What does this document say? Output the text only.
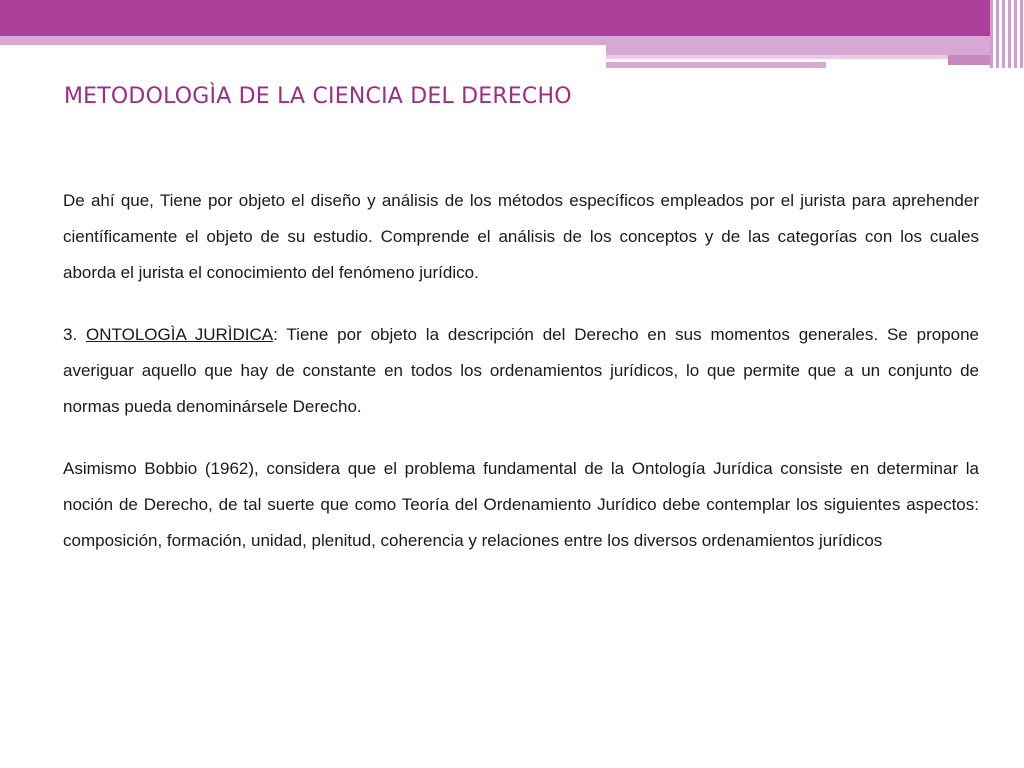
METODOLOGÌA DE LA CIENCIA DEL DERECHO

De ahí que, Tiene por objeto el diseño y análisis de los métodos específicos empleados por el jurista para aprehender científicamente el objeto de su estudio. Comprende el análisis de los conceptos y de las categorías con los cuales aborda el jurista el conocimiento del fenómeno jurídico.

3. ONTOLOGÌA JURÌDICA: Tiene por objeto la descripción del Derecho en sus momentos generales. Se propone averiguar aquello que hay de constante en todos los ordenamientos jurídicos, lo que permite que a un conjunto de normas pueda denominársele Derecho.

Asimismo Bobbio (1962), considera que el problema fundamental de la Ontología Jurídica consiste en determinar la noción de Derecho, de tal suerte que como Teoría del Ordenamiento Jurídico debe contemplar los siguientes aspectos: composición, formación, unidad, plenitud, coherencia y relaciones entre los diversos ordenamientos jurídicos
